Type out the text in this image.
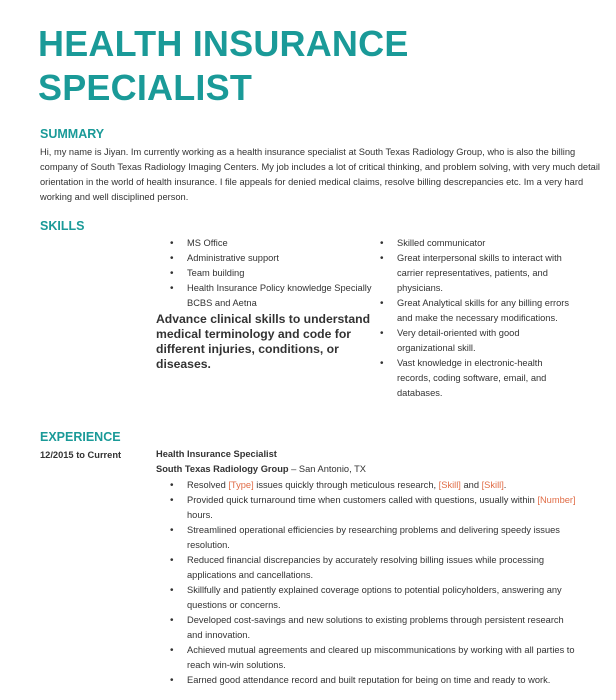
HEALTH INSURANCE
SPECIALIST
SUMMARY
Hi, my name is Jiyan. Im currently working as a health insurance specialist at South Texas Radiology Group, who is also the billing company of South Texas Radiology Imaging Centers. My job includes a lot of critical thinking, and problem solving, with very much detail orientation in the world of health insurance. I file appeals for denied medical claims, resolve billing descrepancies etc. Im a very hard working and well disciplined person.
SKILLS
• MS Office
• Administrative support
• Team building
• Health Insurance Policy knowledge Specially BCBS and Aetna
• Skilled communicator
• Great interpersonal skills to interact with carrier representatives, patients, and physicians.
• Great Analytical skills for any billing errors and make the necessary modifications.
• Very detail-oriented with good organizational skill.
• Vast knowledge in electronic-health records, coding software, email, and databases.
Advance clinical skills to understand medical terminology and code for different injuries, conditions, or diseases.
EXPERIENCE
12/2015 to Current	Health Insurance Specialist
South Texas Radiology Group – San Antonio, TX
• Resolved [Type] issues quickly through meticulous research, [Skill] and [Skill].
• Provided quick turnaround time when customers called with questions, usually within [Number] hours.
• Streamlined operational efficiencies by researching problems and delivering speedy issues resolution.
• Reduced financial discrepancies by accurately resolving billing issues while processing applications and cancellations.
• Skillfully and patiently explained coverage options to potential policyholders, answering any questions or concerns.
• Developed cost-savings and new solutions to existing problems through persistent research and innovation.
• Achieved mutual agreements and cleared up miscommunications by working with all parties to reach win-win solutions.
• Earned good attendance record and built reputation for being on time and ready to work.
